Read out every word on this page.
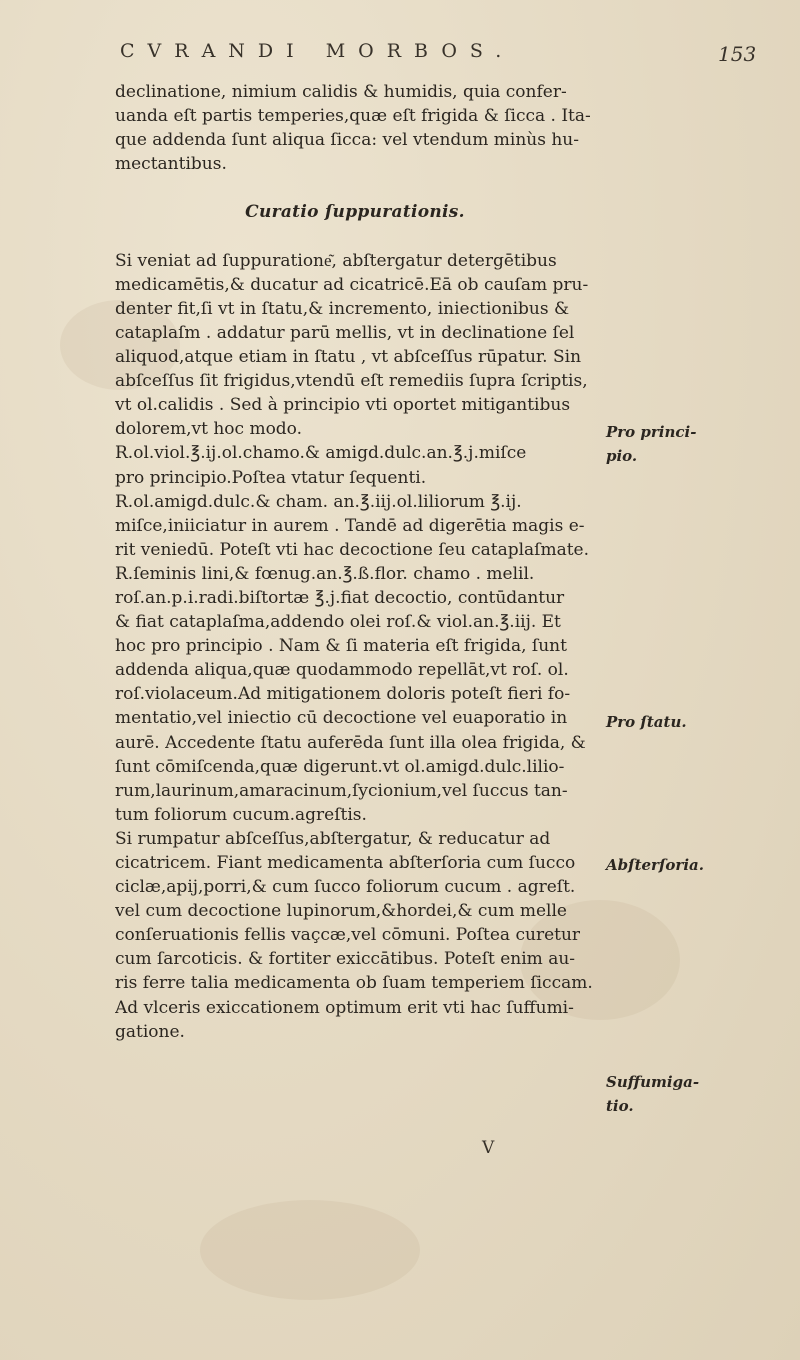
CVRANDI MORBOS.	153
declinatione, nimium calidis & humidis, quia confer-
uanda eſt partis temperies,quæ eſt frigida & ſicca . Ita-
que addenda ſunt aliqua ſicca: vel vtendum minùs hu-
mectantibus.
Curatio ſuppurationis.
Si veniat ad ſuppuratione͂, abſtergatur detergētibus
medicamētis,& ducatur ad cicatricē.Eā ob cauſam pru-
denter fit,ſi vt in ſtatu,& incremento, iniectionibus &
cataplaſm . addatur parū mellis, vt in declinatione ſel
aliquod,atque etiam in ſtatu , vt abſceſſus rūpatur. Sin
abſceſſus ſit frigidus,vtendū eſt remediis ſupra ſcriptis,
vt ol.calidis . Sed à principio vti oportet mitigantibus
dolorem,vt hoc modo.
R.ol.viol.℥.ij.ol.chamo.& amigd.dulc.an.℥.j.miſce
pro principio.Poſtea vtatur ſequenti.
R.ol.amigd.dulc.& cham. an.℥.iij.ol.liliorum ℥.ij.
miſce,iniiciatur in aurem . Tandē ad digerētia magis e-
rit veniedū. Poteſt vti hac decoctione ſeu cataplaſmate.
R.ſeminis lini,& fœnug.an.℥.ß.flor. chamo . melil.
roſ.an.p.i.radi.biſtortæ ℥.j.fiat decoctio, contūdantur
& fiat cataplaſma,addendo olei roſ.& viol.an.℥.iij. Et
hoc pro principio . Nam & ſi materia eſt frigida, ſunt
addenda aliqua,quæ quodammodo repellāt,vt roſ. ol.
roſ.violaceum.Ad mitigationem doloris poteſt fieri fo-
mentatio,vel iniectio cū decoctione vel euaporatio in
aurē. Accedente ſtatu auferēda ſunt illa olea frigida, &
ſunt cōmiſcenda,quæ digerunt.vt ol.amigd.dulc.lilio-
rum,laurinum,amaracinum,ſycionium,vel ſuccus tan-
tum foliorum cucum.agreſtis.
Si rumpatur abſceſſus,abſtergatur, & reducatur ad
cicatricem. Fiant medicamenta abſterſoria cum ſucco
ciclæ,apij,porri,& cum ſucco foliorum cucum . agreſt.
vel cum decoctione lupinorum,&hordei,& cum melle
conſeruationis fellis vaçcæ,vel cōmuni. Poſtea curetur
cum ſarcoticis. & fortiter exiccātibus. Poteſt enim au-
ris ferre talia medicamenta ob ſuam temperiem ſiccam.
Ad vlceris exiccationem optimum erit vti hac ſuffumi-
gatione.
Pro princi-
pio.
Pro ſtatu.
Abſterſoria.
Suffumiga-
tio.
V
